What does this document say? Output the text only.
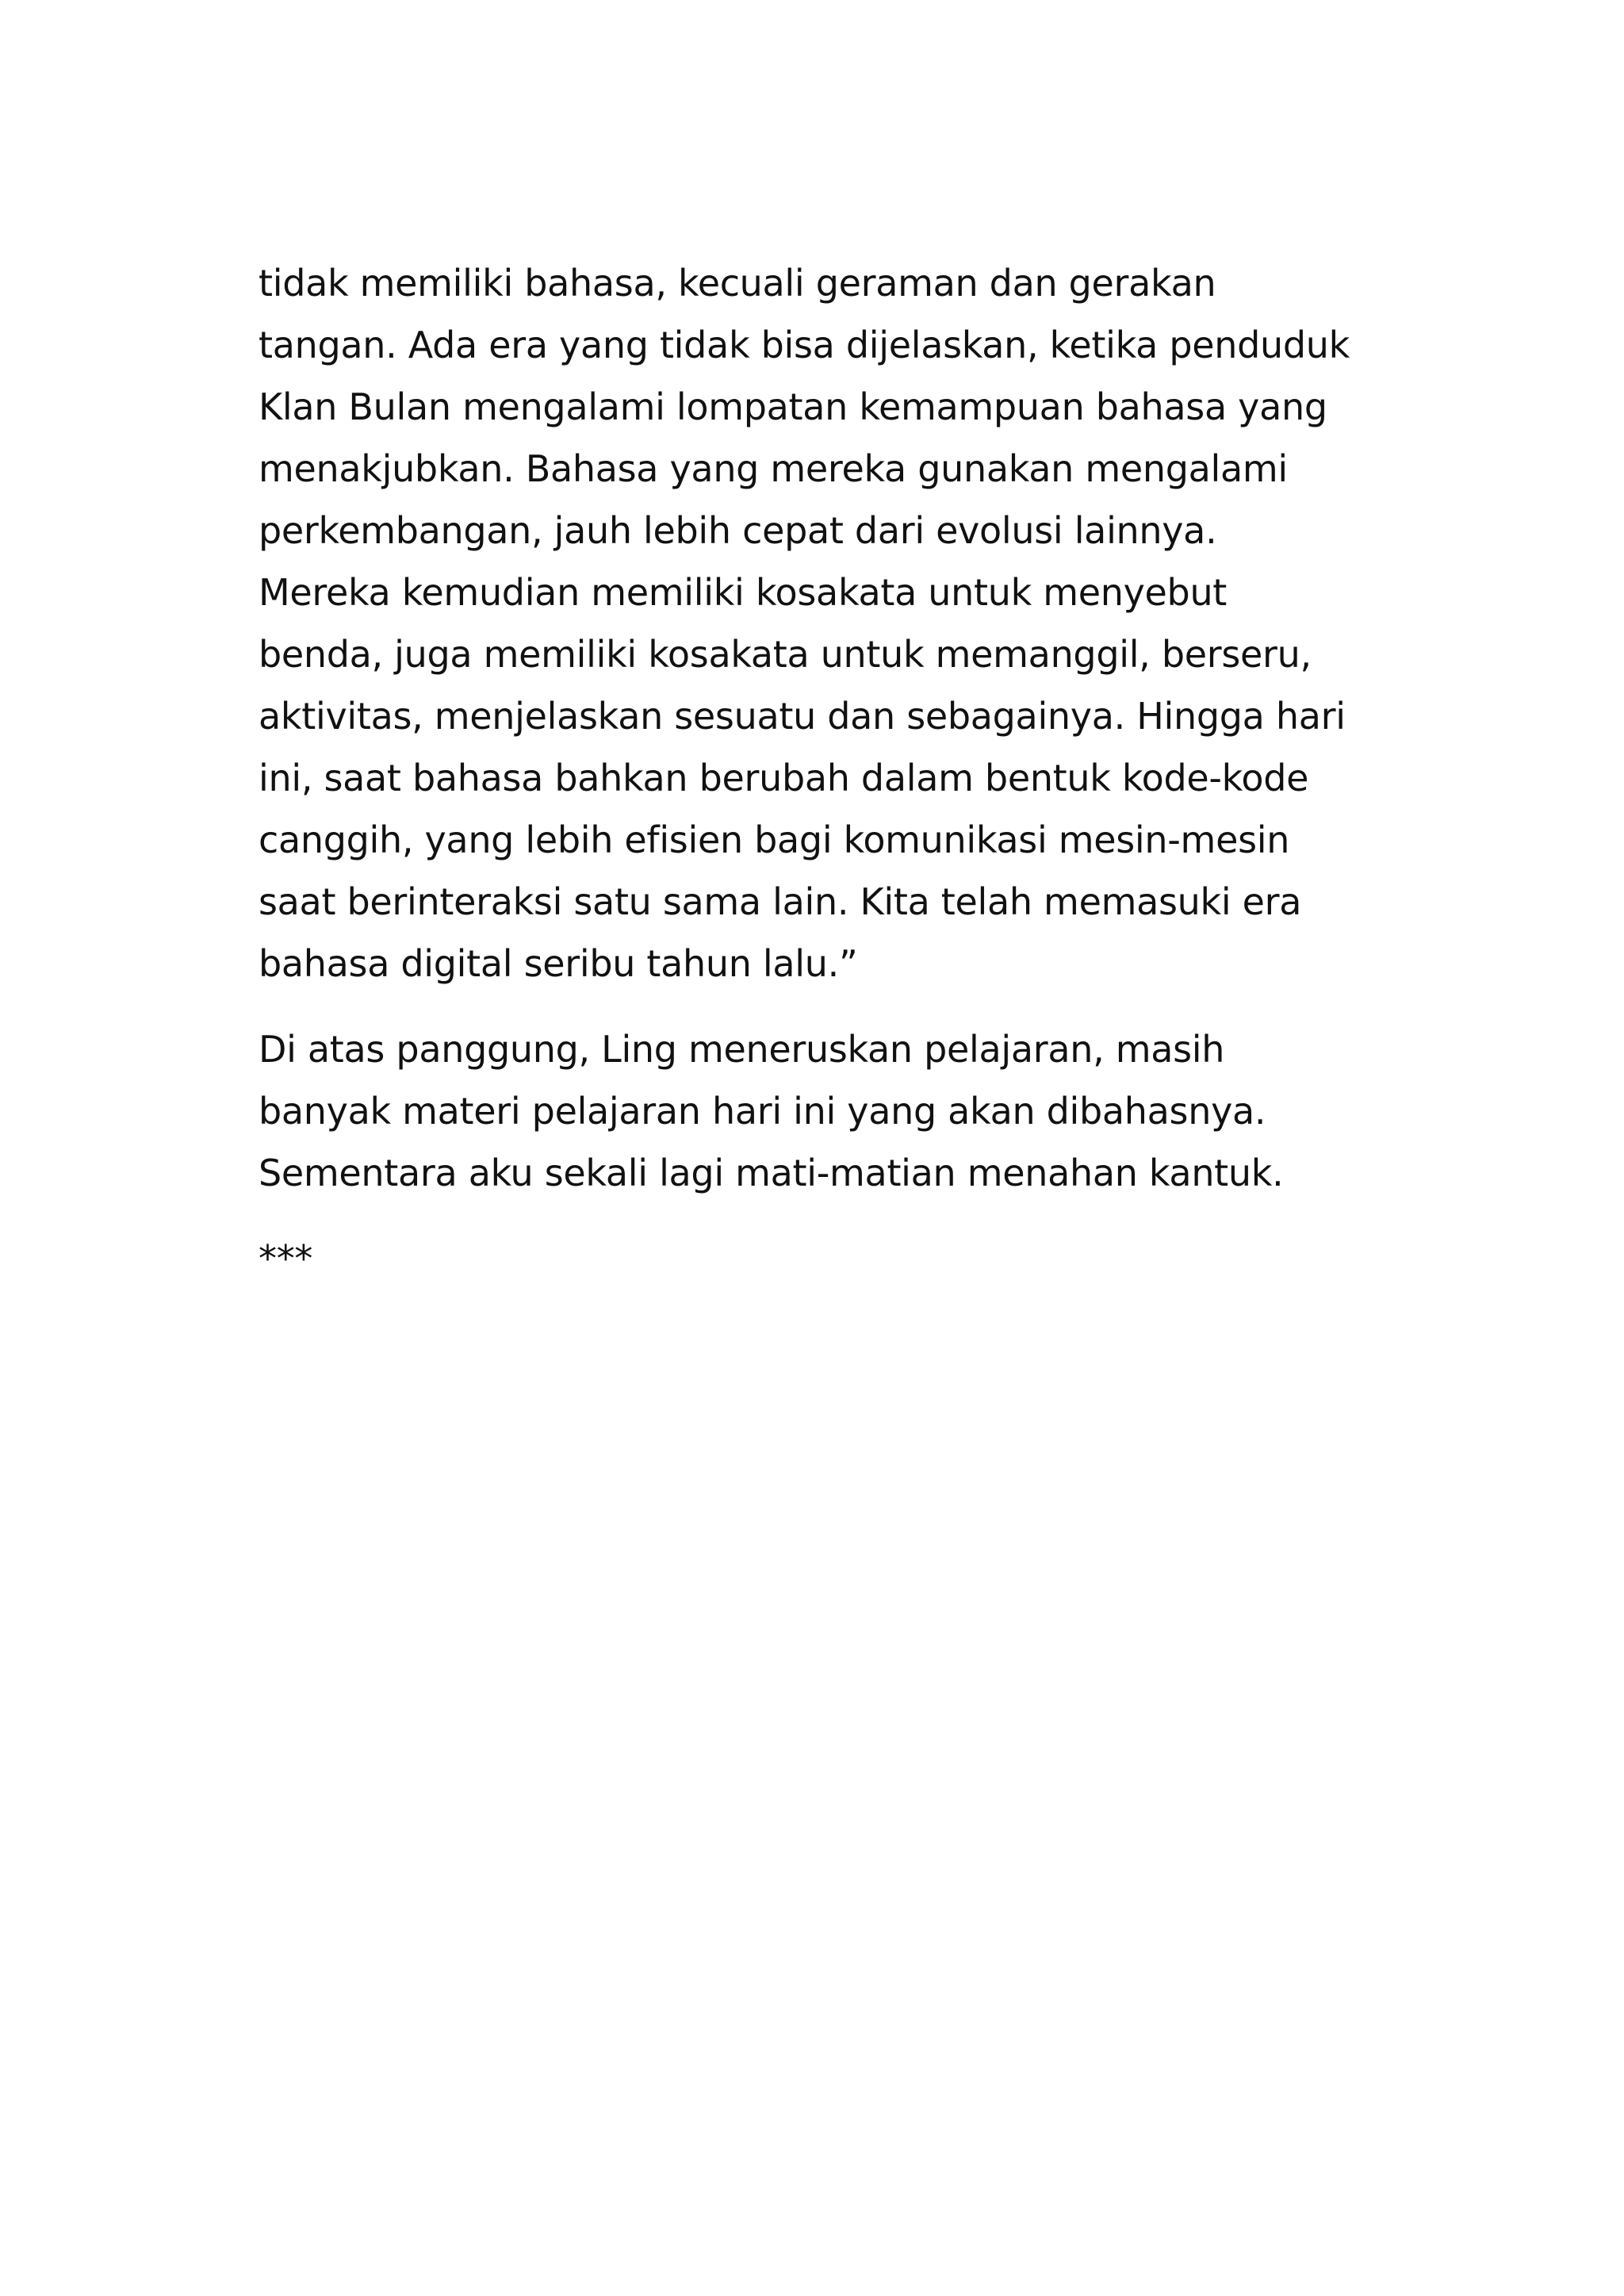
tidak memiliki bahasa, kecuali geraman dan gerakan
tangan. Ada era yang tidak bisa dijelaskan, ketika penduduk
Klan Bulan mengalami lompatan kemampuan bahasa yang
menakjubkan. Bahasa yang mereka gunakan mengalami
perkembangan, jauh lebih cepat dari evolusi lainnya.
Mereka kemudian memiliki kosakata untuk menyebut
benda, juga memiliki kosakata untuk memanggil, berseru,
aktivitas, menjelaskan sesuatu dan sebagainya. Hingga hari
ini, saat bahasa bahkan berubah dalam bentuk kode-kode
canggih, yang lebih efisien bagi komunikasi mesin-mesin
saat berinteraksi satu sama lain. Kita telah memasuki era
bahasa digital seribu tahun lalu.”
Di atas panggung, Ling meneruskan pelajaran, masih
banyak materi pelajaran hari ini yang akan dibahasnya.
Sementara aku sekali lagi mati-matian menahan kantuk.
***
